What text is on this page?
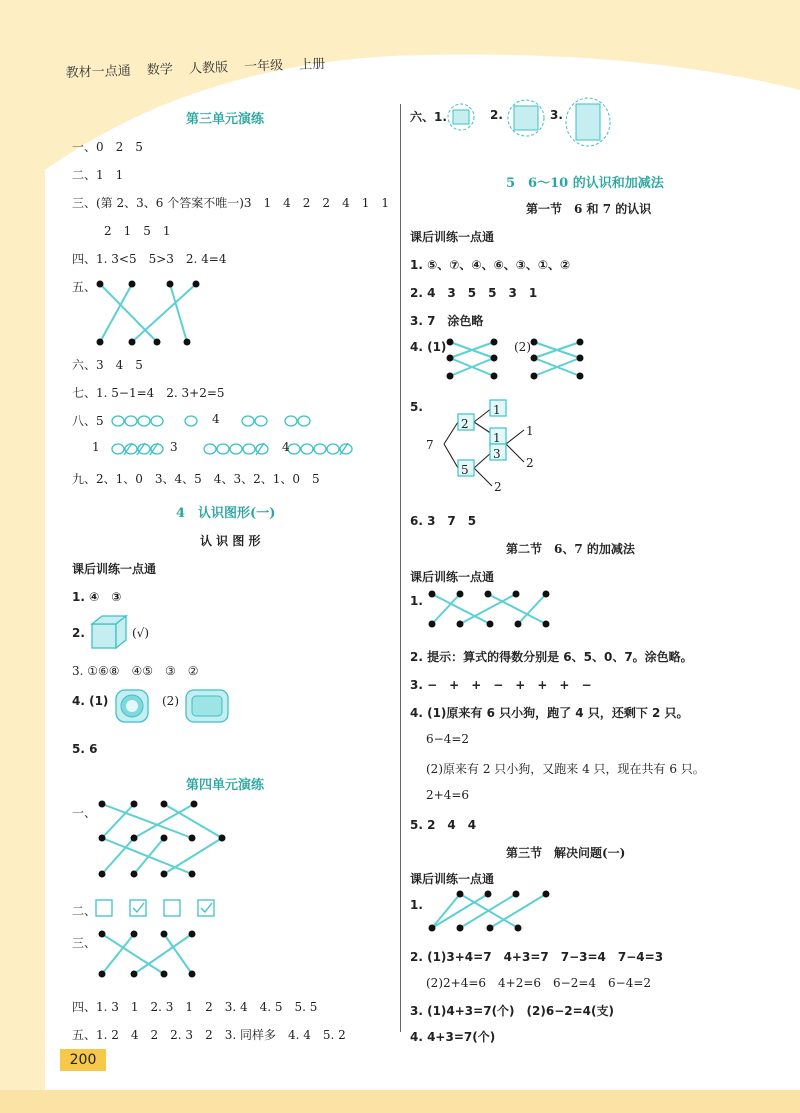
教材一点通 数学 人教版 一年级 上册
第三单元演练
一、0　2　5
二、1　1
三、(第 2、3、6 个答案不唯一)3　1　4　2　2　4　1　1
2　1　5　1
四、1. 3<5　5>3　2. 4=4
五、
六、3　4　5
七、1. 5−1=4　2. 3+2=5
八、5	4
1	3	4
九、2、1、0　3、4、5　4、3、2、1、0　5
4　认识图形(一)
认 识 图 形
课后训练一点通
1. ④　③
2.	(√)
3. ①⑥⑧　④⑤　③　②
4. (1)	(2)
5. 6
第四单元演练
一、
二、
三、
四、1. 3　1　2. 3　1　2　3. 4　4. 5　5. 5
五、1. 2　4　2　2. 3　2　3. 同样多　4. 4　5. 2
六、1.	2.	3.
5　6～10 的认识和加减法
第一节　6 和 7 的认识
课后训练一点通
1. ⑤、⑦、④、⑥、③、①、②
2. 4　3　5　5　3　1
3. 7　涂色略
4. (1)	(2)
5.
7
2
1
5
1
3
1
2
2
6. 3　7　5
第二节　6、7 的加减法
课后训练一点通
1.
2. 提示：算式的得数分别是 6、5、0、7。涂色略。
3. −　+　+　−　+　+　+　−
4. (1)原来有 6 只小狗，跑了 4 只，还剩下 2 只。
6−4=2
(2)原来有 2 只小狗，又跑来 4 只，现在共有 6 只。
2+4=6
5. 2　4　4
第三节　解决问题(一)
课后训练一点通
1.
2. (1)3+4=7　4+3=7　7−3=4　7−4=3
(2)2+4=6　4+2=6　6−2=4　6−4=2
3. (1)4+3=7(个)　(2)6−2=4(支)
4. 4+3=7(个)
200
